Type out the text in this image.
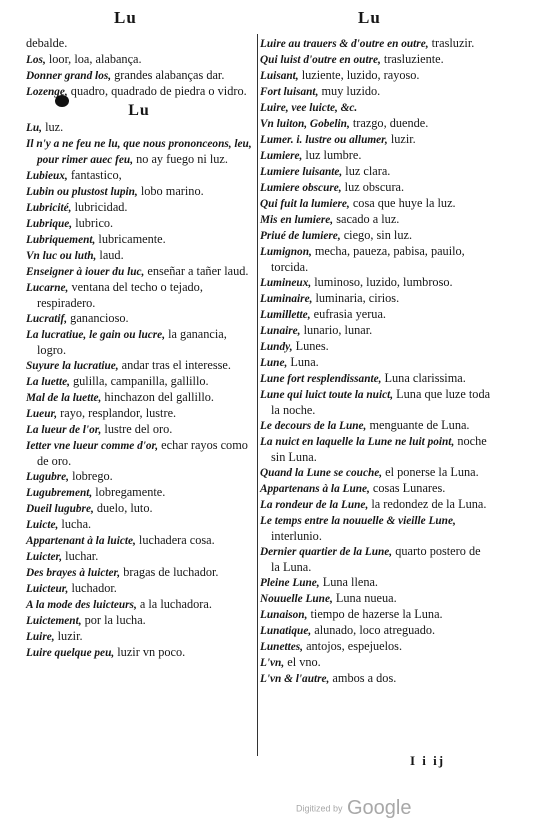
Lu	Lu

debalde.

Los, loor, loa, alabança.

Donner grand los, grandes alabanças dar.

Lozenge, quadro, quadrado de piedra o vidro.

Lu

Lu, luz.

Il n'y a ne feu ne lu, que nous prononceons, leu, pour rimer auec feu, no ay fuego ni luz.

Lubieux, fantastico,

Lubin ou plustost lupin, lobo marino.

Lubricité, lubricidad.

Lubrique, lubrico.

Lubriquement, lubricamente.

Vn luc ou luth, laud.

Enseigner à iouer du luc, enseñar a tañer laud.

Lucarne, ventana del techo o tejado, respiradero.

Lucratif, ganancioso.

La lucratiue, le gain ou lucre, la ganancia, logro.

Suyure la lucratiue, andar tras el interesse.

La luette, gulilla, campanilla, gallillo.

Mal de la luette, hinchazon del gallillo.

Lueur, rayo, resplandor, lustre.

La lueur de l'or, lustre del oro.

Ietter vne lueur comme d'or, echar rayos como de oro.

Lugubre, lobrego.

Lugubrement, lobregamente.

Dueil lugubre, duelo, luto.

Luicte, lucha.

Appartenant à la luicte, luchadera cosa.

Luicter, luchar.

Des brayes à luicter, bragas de luchador.

Luicteur, luchador.

A la mode des luicteurs, a la luchadora.

Luictement, por la lucha.

Luire, luzir.

Luire quelque peu, luzir vn poco.

Luire au trauers & d'outre en outre, trasluzir.

Qui luist d'outre en outre, trasluziente.

Luisant, luziente, luzido, rayoso.

Fort luisant, muy luzido.

Luire, vee luicte, &c.

Vn luiton, Gobelin, trazgo, duende.

Lumer. i. lustre ou allumer, luzir.

Lumiere, luz lumbre.

Lumiere luisante, luz clara.

Lumiere obscure, luz obscura.

Qui fuit la lumiere, cosa que huye la luz.

Mis en lumiere, sacado a luz.

Priué de lumiere, ciego, sin luz.

Lumignon, mecha, paueza, pabisa, pauilo, torcida.

Lumineux, luminoso, luzido, lumbroso.

Luminaire, luminaria, cirios.

Lumillette, eufrasia yerua.

Lunaire, lunario, lunar.

Lundy, Lunes.

Lune, Luna.

Lune fort resplendissante, Luna clarissima.

Lune qui luict toute la nuict, Luna que luze toda la noche.

Le decours de la Lune, menguante de Luna.

La nuict en laquelle la Lune ne luit point, noche sin Luna.

Quand la Lune se couche, el ponerse la Luna.

Appartenans à la Lune, cosas Lunares.

La rondeur de la Lune, la redondez de la Luna.

Le temps entre la nouuelle & vieille Lune, interlunio.

Dernier quartier de la Lune, quarto postero de la Luna.

Pleine Lune, Luna llena.

Nouuelle Lune, Luna nueua.

Lunaison, tiempo de hazerse la Luna.

Lunatique, alunado, loco atreguado.

Lunettes, antojos, espejuelos.

L'vn, el vno.

L'vn & l'autre, ambos a dos.

I i ij
Digitized by Google
